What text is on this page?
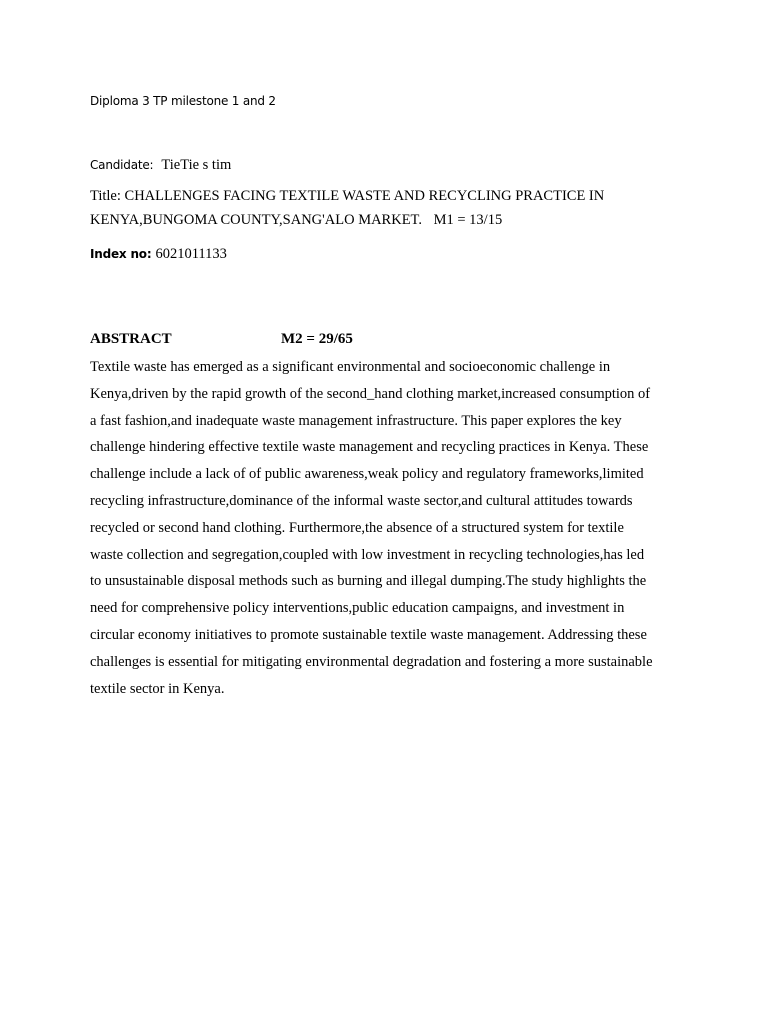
Diploma 3 TP milestone 1 and 2
Candidate: TieTie s tim
Title: CHALLENGES FACING TEXTILE WASTE AND RECYCLING PRACTICE IN
KENYA,BUNGOMA COUNTY,SANG'ALO MARKET. M1 = 13/15
Index no: 6021011133
ABSTRACT	M2 = 29/65
Textile waste has emerged as a significant environmental and socioeconomic challenge in
Kenya,driven by the rapid growth of the second_hand clothing market,increased consumption of
a fast fashion,and inadequate waste management infrastructure. This paper explores the key
challenge hindering effective textile waste management and recycling practices in Kenya. These
challenge include a lack of of public awareness,weak policy and regulatory frameworks,limited
recycling infrastructure,dominance of the informal waste sector,and cultural attitudes towards
recycled or second hand clothing. Furthermore,the absence of a structured system for textile
waste collection and segregation,coupled with low investment in recycling technologies,has led
to unsustainable disposal methods such as burning and illegal dumping.The study highlights the
need for comprehensive policy interventions,public education campaigns, and investment in
circular economy initiatives to promote sustainable textile waste management. Addressing these
challenges is essential for mitigating environmental degradation and fostering a more sustainable
textile sector in Kenya.
